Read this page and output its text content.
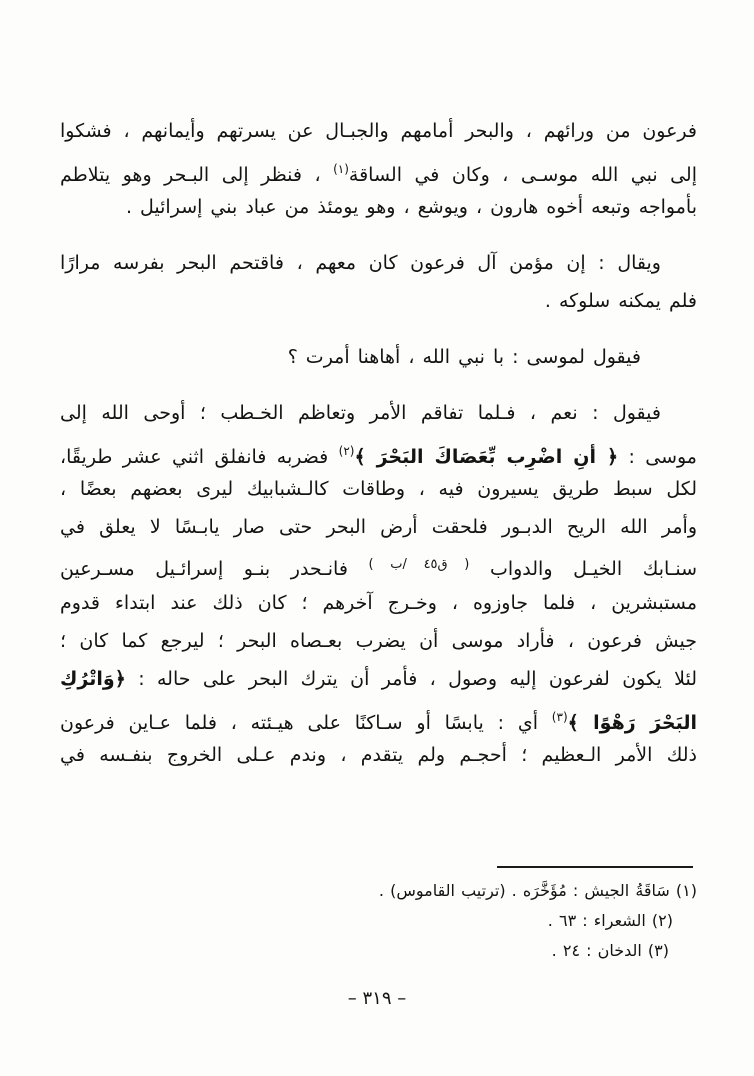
فرعون من ورائهم ، والبحر أمامهم والجبـال عن يسرتهم وأيمانهم ، فشكوا
إلى نبي الله موسـى ، وكان في الساقة$^{(١)}$ ، فنظر إلى البـحر وهو يتلاطم
بأمواجه وتبعه أخوه هارون ، ويوشع ، وهو يومئذ من عباد بني إسرائيل .
ويقال : إن مؤمن آل فرعون كان معهم ، فاقتحم البحر بفرسه مرارًا
فلم يمكنه سلوكه .
فيقول لموسى : با نبي الله ، أهاهنا أمرت ؟
فيقول : نعم ، فـلما تفاقم الأمر وتعاظم الخـطب ؛ أوحى الله إلى
موسى : ﴿ أنِ اضْرِب بِّعَصَاكَ البَحْرَ ﴾$^{(٢)}$ فضربه فانفلق اثني عشر طريقًا،
لكل سبط طريق يسيرون فيه ، وطاقات كالـشبابيك ليرى بعضهم بعضًا ،
وأمر الله الريح الدبـور فلحقت أرض البحر حتى صار يابـسًا لا يعلق في
سنـابك الخيـل والدواب $^{( ق٤٥ /ب )}$ فانـحدر بنـو إسرائـيل مسـرعين
مستبشرين ، فلما جاوزوه ، وخـرج آخرهم ؛ كان ذلك عند ابتداء قدوم
جيش فرعون ، فأراد موسى أن يضرب بعـصاه البحر ؛ ليرجع كما كان ؛
لئلا يكون لفرعون إليه وصول ، فأمر أن يترك البحر على حاله : ﴿وَاتْرُكِ
البَحْرَ رَهْوًا ﴾$^{(٣)}$ أي : يابسًا أو سـاكنًا على هيـئته ، فلما عـاين فرعون
ذلك الأمر الـعظيم ؛ أحجـم ولم يتقدم ، وندم عـلى الخروج بنفـسه في
(١) سَاقَةُ الجيش : مُؤَخَّرَه . (ترتيب القاموس) .
(٢) الشعراء : ٦٣ .
(٣) الدخان : ٢٤ .
– ٣١٩ –
